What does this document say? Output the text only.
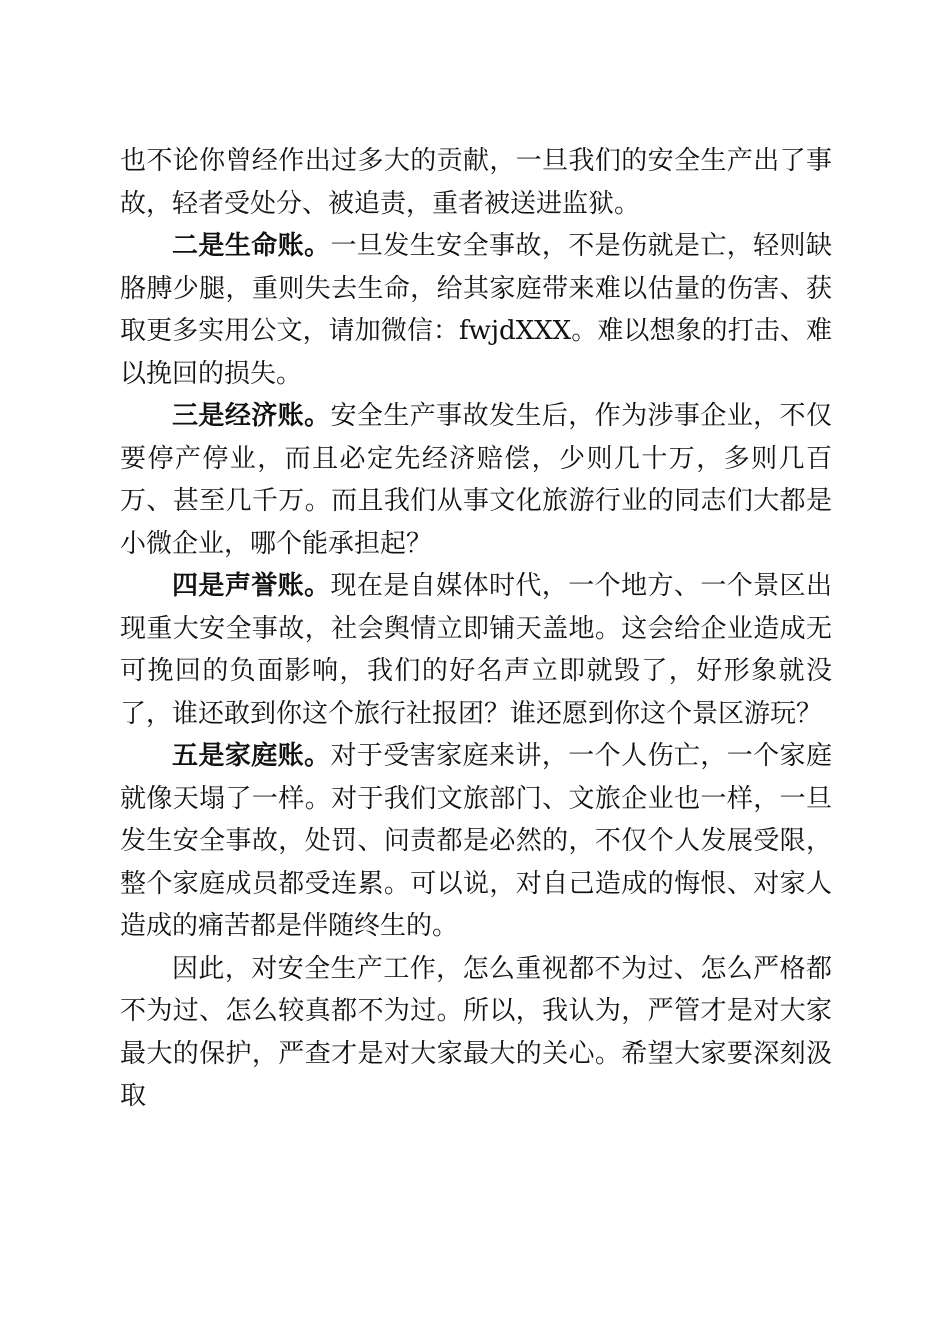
也不论你曾经作出过多大的贡献，一旦我们的安全生产出了事故，轻者受处分、被追责，重者被送进监狱。

二是生命账。一旦发生安全事故，不是伤就是亡，轻则缺胳膊少腿，重则失去生命，给其家庭带来难以估量的伤害、获取更多实用公文，请加微信：fwjdXXX。难以想象的打击、难以挽回的损失。

三是经济账。安全生产事故发生后，作为涉事企业，不仅要停产停业，而且必定先经济赔偿，少则几十万，多则几百万、甚至几千万。而且我们从事文化旅游行业的同志们大都是小微企业，哪个能承担起？

四是声誉账。现在是自媒体时代，一个地方、一个景区出现重大安全事故，社会舆情立即铺天盖地。这会给企业造成无可挽回的负面影响，我们的好名声立即就毁了，好形象就没了，谁还敢到你这个旅行社报团？谁还愿到你这个景区游玩？

五是家庭账。对于受害家庭来讲，一个人伤亡，一个家庭就像天塌了一样。对于我们文旅部门、文旅企业也一样，一旦发生安全事故，处罚、问责都是必然的，不仅个人发展受限，整个家庭成员都受连累。可以说，对自己造成的悔恨、对家人造成的痛苦都是伴随终生的。

因此，对安全生产工作，怎么重视都不为过、怎么严格都不为过、怎么较真都不为过。所以，我认为，严管才是对大家最大的保护，严查才是对大家最大的关心。希望大家要深刻汲取
